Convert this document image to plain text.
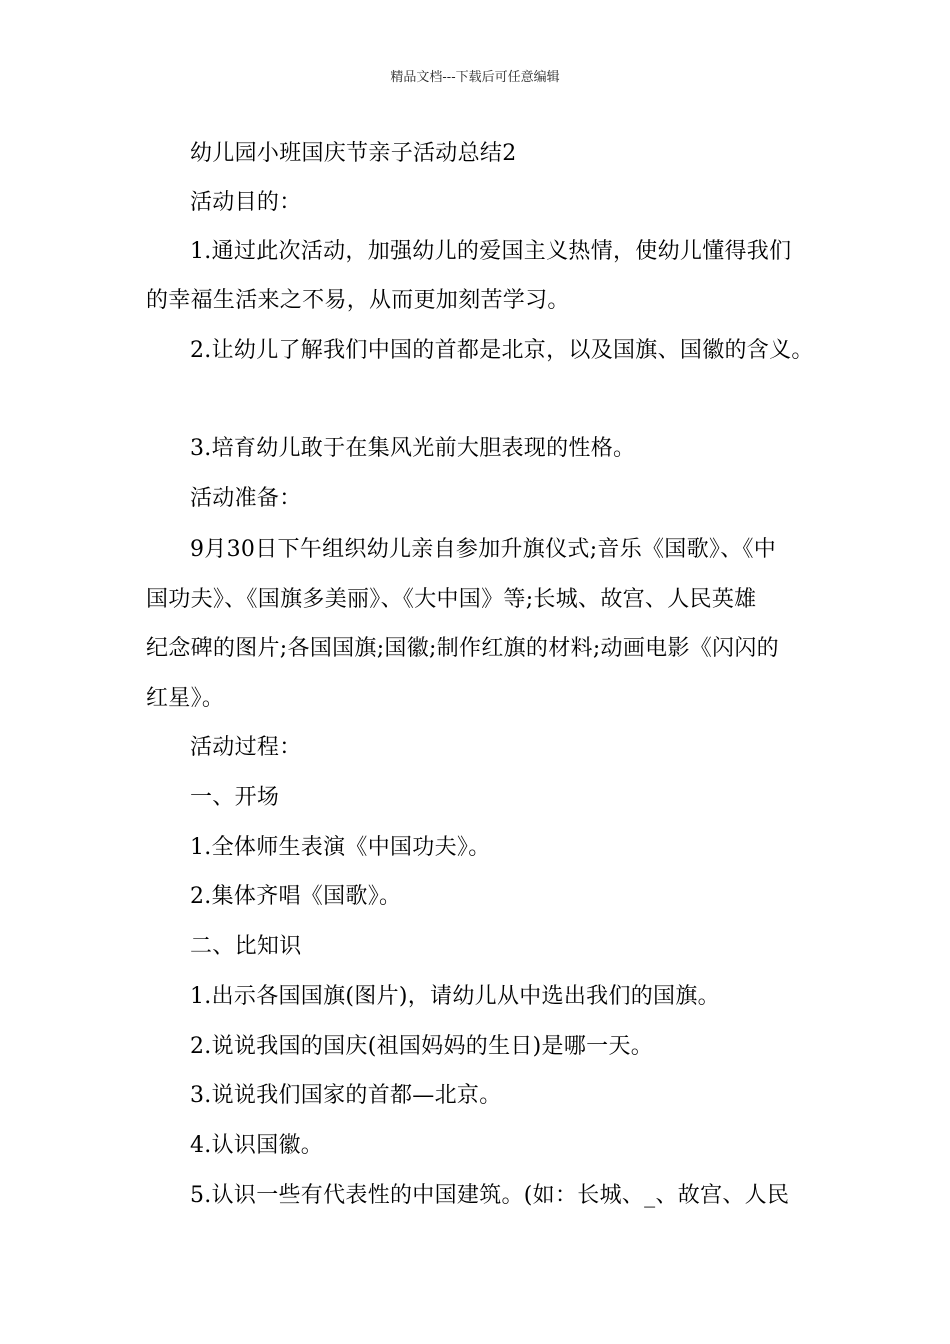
精品文档---下载后可任意编辑
幼儿园小班国庆节亲子活动总结2
活动目的：
1.通过此次活动，加强幼儿的爱国主义热情，使幼儿懂得我们
的幸福生活来之不易，从而更加刻苦学习。
2.让幼儿了解我们中国的首都是北京，以及国旗、国徽的含义。
3.培育幼儿敢于在集风光前大胆表现的性格。
活动准备：
9月30日下午组织幼儿亲自参加升旗仪式;音乐《国歌》、《中
国功夫》、《国旗多美丽》、《大中国》等;长城、故宫、人民英雄
纪念碑的图片;各国国旗;国徽;制作红旗的材料;动画电影《闪闪的
红星》。
活动过程：
一、开场
1.全体师生表演《中国功夫》。
2.集体齐唱《国歌》。
二、比知识
1.出示各国国旗(图片)，请幼儿从中选出我们的国旗。
2.说说我国的国庆(祖国妈妈的生日)是哪一天。
3.说说我们国家的首都—北京。
4.认识国徽。
5.认识一些有代表性的中国建筑。(如：长城、_、故宫、人民
